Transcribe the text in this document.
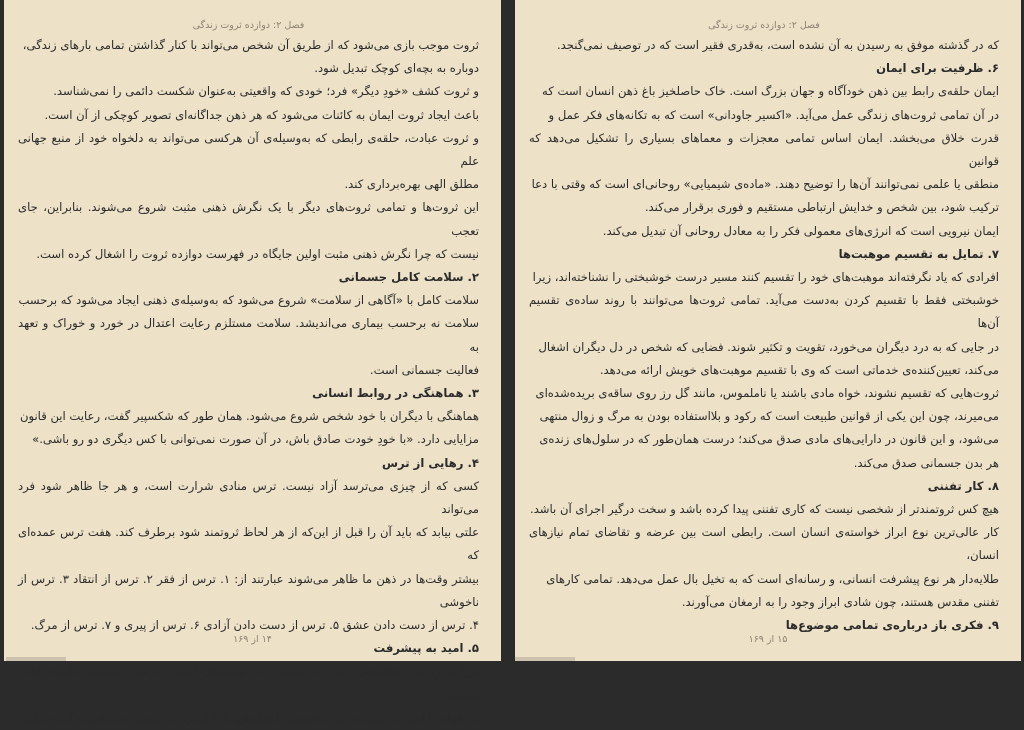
فصل ۲: دوازده ثروت زندگی

ثروت موجب بازی می‌شود که از طریق آن شخص می‌تواند با کنار گذاشتن تمامی بارهای زندگی،

دوباره به بچه‌ای کوچک تبدیل شود.

و ثروت کشف «خودِ دیگر» فرد؛ خودی که واقعیتی به‌عنوان شکست دائمی را نمی‌شناسد.

باعث ایجاد ثروت ایمان به کائنات می‌شود که هر ذهن جداگانه‌ای تصویر کوچکی از آن است.

و ثروت عبادت، حلقه‌ی رابطی که به‌وسیله‌ی آن هرکسی می‌تواند به دلخواه خود از منبع جهانی علم

مطلق الهی بهره‌برداری کند.

این ثروت‌ها و تمامی ثروت‌های دیگر با یک نگرش ذهنی مثبت شروع می‌شوند. بنابراین، جای تعجب

نیست که چرا نگرش ذهنی مثبت اولین جایگاه در فهرست دوازده ثروت را اشغال کرده است.

۲. سلامت کامل جسمانی

سلامت کامل با «آگاهی از سلامت» شروع می‌شود که به‌وسیله‌ی ذهنی ایجاد می‌شود که برحسب

سلامت نه برحسب بیماری می‌اندیشد. سلامت مستلزم رعایت اعتدال در خورد و خوراک و تعهد به

فعالیت جسمانی است.

۳. هماهنگی در روابط انسانی

هماهنگی با دیگران با خود شخص شروع می‌شود. همان طور که شکسپیر گفت، رعایت این قانون

مزایایی دارد. «با خودِ خودت صادق باش، در آن صورت نمی‌توانی با کس دیگری دو رو باشی.»

۴. رهایی از ترس

کسی که از چیزی می‌ترسد آزاد نیست. ترس منادی شرارت است، و هر جا ظاهر شود فرد می‌تواند

علتی بیابد که باید آن را قبل از این‌که از هر لحاظ ثروتمند شود برطرف کند. هفت ترس عمده‌ای که

بیشتر وقت‌ها در ذهن ما ظاهر می‌شوند عبارتند از: ۱. ترس از فقر ۲. ترس از انتقاد ۳. ترس از ناخوشی

۴. ترس از دست دادن عشق ۵. ترس از دست دادن آزادی ۶. ترس از پیری و ۷. ترس از مرگ.

۵. امید به پیشرفت

بزرگ‌ترین نوع خوشبختی امید به رسیدن به خواسته‌ای است که هنوز به‌دست نیامده باشد. شخصی

که نتواند با امید به تبدیل شدن به شخص دلخواهش، یا با ایمان به رسیدن به هدفی به آینده بنگرد

۱۴ از ۱۶۹
فصل ۲: دوازده ثروت زندگی

که در گذشته موفق به رسیدن به آن نشده است، به‌قدری فقیر است که در توصیف نمی‌گنجد.

۶. ظرفیت برای ایمان

ایمان حلقه‌ی رابط بین ذهن خودآگاه و جهان بزرگ است. خاک حاصلخیز باغ ذهن انسان است که

در آن تمامی ثروت‌های زندگی عمل می‌آید. «اکسیر جاودانی» است که به تکانه‌های فکر عمل و

قدرت خلاق می‌بخشد. ایمان اساس تمامی معجزات و معماهای بسیاری را تشکیل می‌دهد که قوانین

منطقی یا علمی نمی‌توانند آن‌ها را توضیح دهند. «ماده‌ی شیمیایی» روحانی‌ای است که وقتی با دعا

ترکیب شود، بین شخص و خدایش ارتباطی مستقیم و فوری برقرار می‌کند.

ایمان نیرویی است که انرژی‌های معمولی فکر را به معادل روحانی آن تبدیل می‌کند.

۷. تمایل به تقسیم موهبت‌ها

افرادی که یاد نگرفته‌اند موهبت‌های خود را تقسیم کنند مسیر درست خوشبختی را نشناخته‌اند، زیرا

خوشبختی فقط با تقسیم کردن به‌دست می‌آید. تمامی ثروت‌ها می‌توانند با روند ساده‌ی تقسیم آن‌ها

در جایی که به درد دیگران می‌خورد، تقویت و تکثیر شوند. فضایی که شخص در دل دیگران اشغال

می‌کند، تعیین‌کننده‌ی خدماتی است که وی با تقسیم موهبت‌های خویش ارائه می‌دهد.

ثروت‌هایی که تقسیم نشوند، خواه مادی باشند یا ناملموس، مانند گل رز روی ساقه‌ی بریده‌شده‌ای

می‌میرند، چون این یکی از قوانین طبیعت است که رکود و بلااستفاده بودن به مرگ و زوال منتهی

می‌شود، و این قانون در دارایی‌های مادی صدق می‌کند؛ درست همان‌طور که در سلول‌های زنده‌ی

هر بدن جسمانی صدق می‌کند.

۸. کار تفننی

هیچ کس ثروتمندتر از شخصی نیست که کاری تفننی پیدا کرده باشد و سخت درگیر اجرای آن باشد.

کار عالی‌ترین نوع ابراز خواسته‌ی انسان است. رابطی است بین عرضه و تقاضای تمام نیازهای انسان،

طلایه‌دار هر نوع پیشرفت انسانی، و رسانه‌ای است که به تخیل بال عمل می‌دهد. تمامی کارهای

تفننی مقدس هستند، چون شادی ابراز وجود را به ارمغان می‌آورند.

۹. فکری باز درباره‌ی تمامی موضوع‌ها
۱۵ از ۱۶۹
